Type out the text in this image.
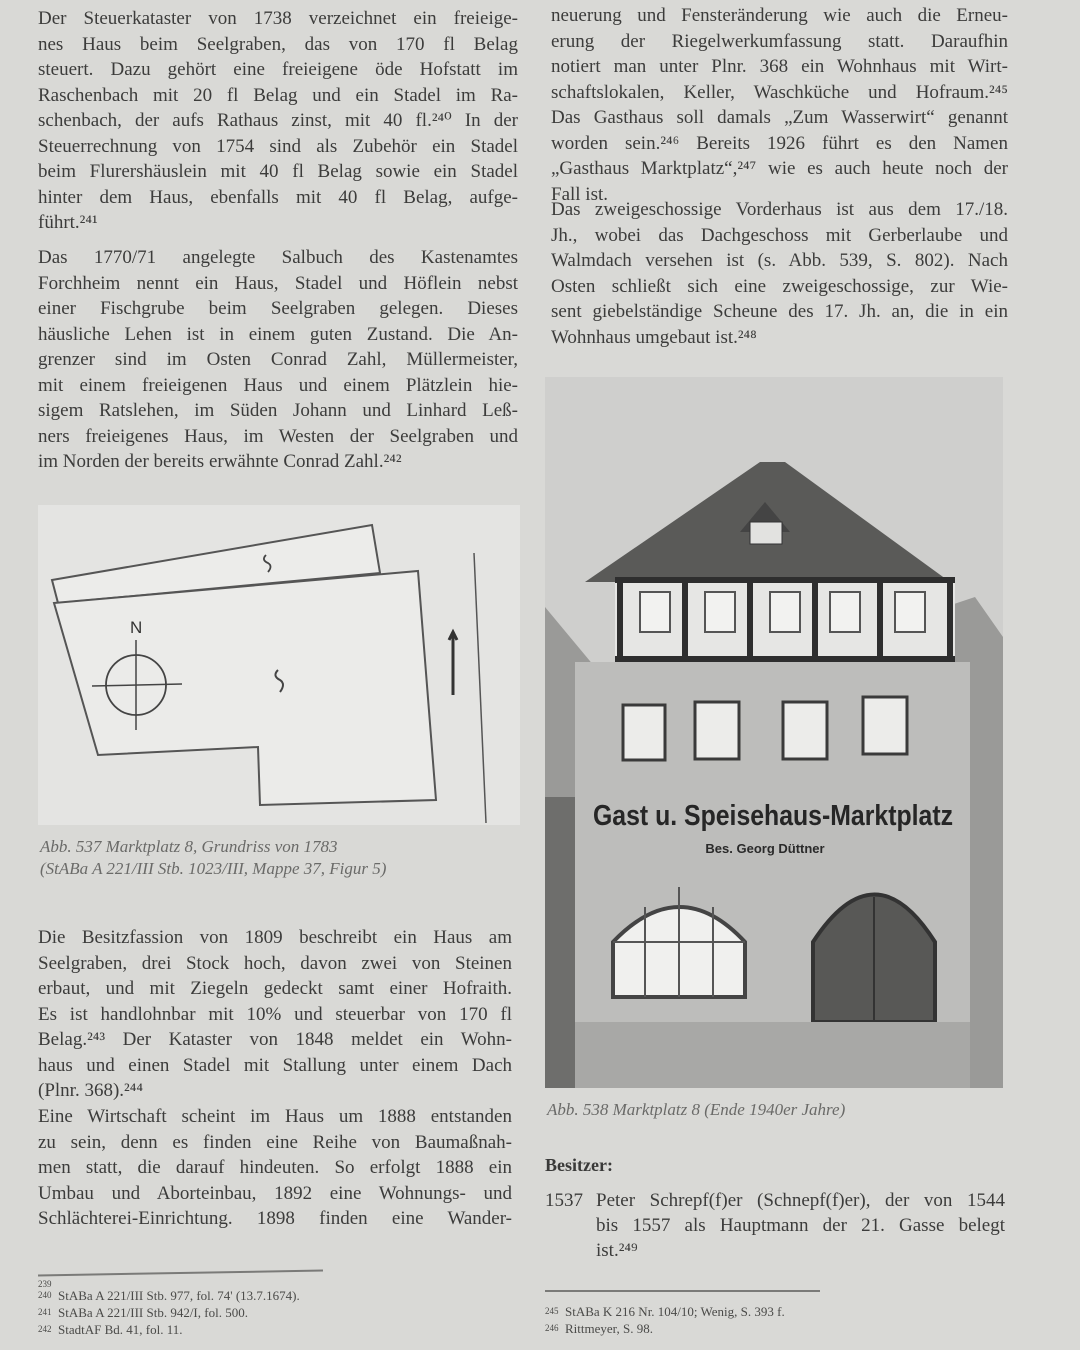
Der Steuerkataster von 1738 verzeichnet ein freieige-
nes Haus beim Seelgraben, das von 170 fl Belag
steuert. Dazu gehört eine freieigene öde Hofstatt im
Raschenbach mit 20 fl Belag und ein Stadel im Ra-
schenbach, der aufs Rathaus zinst, mit 40 fl.²⁴⁰ In der
Steuerrechnung von 1754 sind als Zubehör ein Stadel
beim Flurershäuslein mit 40 fl Belag sowie ein Stadel
hinter dem Haus, ebenfalls mit 40 fl Belag, aufge-
führt.²⁴¹
Das 1770/71 angelegte Salbuch des Kastenamtes
Forchheim nennt ein Haus, Stadel und Höflein nebst
einer Fischgrube beim Seelgraben gelegen. Dieses
häusliche Lehen ist in einem guten Zustand. Die An-
grenzer sind im Osten Conrad Zahl, Müllermeister,
mit einem freieigenen Haus und einem Plätzlein hie-
sigem Ratslehen, im Süden Johann und Linhard Leß-
ners freieigenes Haus, im Westen der Seelgraben und
im Norden der bereits erwähnte Conrad Zahl.²⁴²
N
Abb. 537 Marktplatz 8, Grundriss von 1783
(StABa A 221/III Stb. 1023/III, Mappe 37, Figur 5)
Die Besitzfassion von 1809 beschreibt ein Haus am
Seelgraben, drei Stock hoch, davon zwei von Steinen
erbaut, und mit Ziegeln gedeckt samt einer Hofraith.
Es ist handlohnbar mit 10% und steuerbar von 170 fl
Belag.²⁴³ Der Kataster von 1848 meldet ein Wohn-
haus und einen Stadel mit Stallung unter einem Dach
(Plnr. 368).²⁴⁴
Eine Wirtschaft scheint im Haus um 1888 entstanden
zu sein, denn es finden eine Reihe von Baumaßnah-
men statt, die darauf hindeuten. So erfolgt 1888 ein
Umbau und Aborteinbau, 1892 eine Wohnungs- und
Schlächterei-Einrichtung. 1898 finden eine Wander-
239
240 StABa A 221/III Stb. 977, fol. 74' (13.7.1674).
241 StABa A 221/III Stb. 942/I, fol. 500.
242 StadtAF Bd. 41, fol. 11.
neuerung und Fensteränderung wie auch die Erneu-
erung der Riegelwerkumfassung statt. Daraufhin
notiert man unter Plnr. 368 ein Wohnhaus mit Wirt-
schaftslokalen, Keller, Waschküche und Hofraum.²⁴⁵
Das Gasthaus soll damals „Zum Wasserwirt“ genannt
worden sein.²⁴⁶ Bereits 1926 führt es den Namen
„Gasthaus Marktplatz“,²⁴⁷ wie es auch heute noch der
Fall ist.
Das zweigeschossige Vorderhaus ist aus dem 17./18.
Jh., wobei das Dachgeschoss mit Gerberlaube und
Walmdach versehen ist (s. Abb. 539, S. 802). Nach
Osten schließt sich eine zweigeschossige, zur Wie-
sent giebelständige Scheune des 17. Jh. an, die in ein
Wohnhaus umgebaut ist.²⁴⁸
Gast u. Speisehaus-Marktplatz
Bes. Georg Düttner
Abb. 538 Marktplatz 8 (Ende 1940er Jahre)
Besitzer:
1537 Peter Schrepf(f)er (Schnepf(f)er), der von 1544
bis 1557 als Hauptmann der 21. Gasse belegt
ist.²⁴⁹
245 StABa K 216 Nr. 104/10; Wenig, S. 393 f.
246 Rittmeyer, S. 98.
